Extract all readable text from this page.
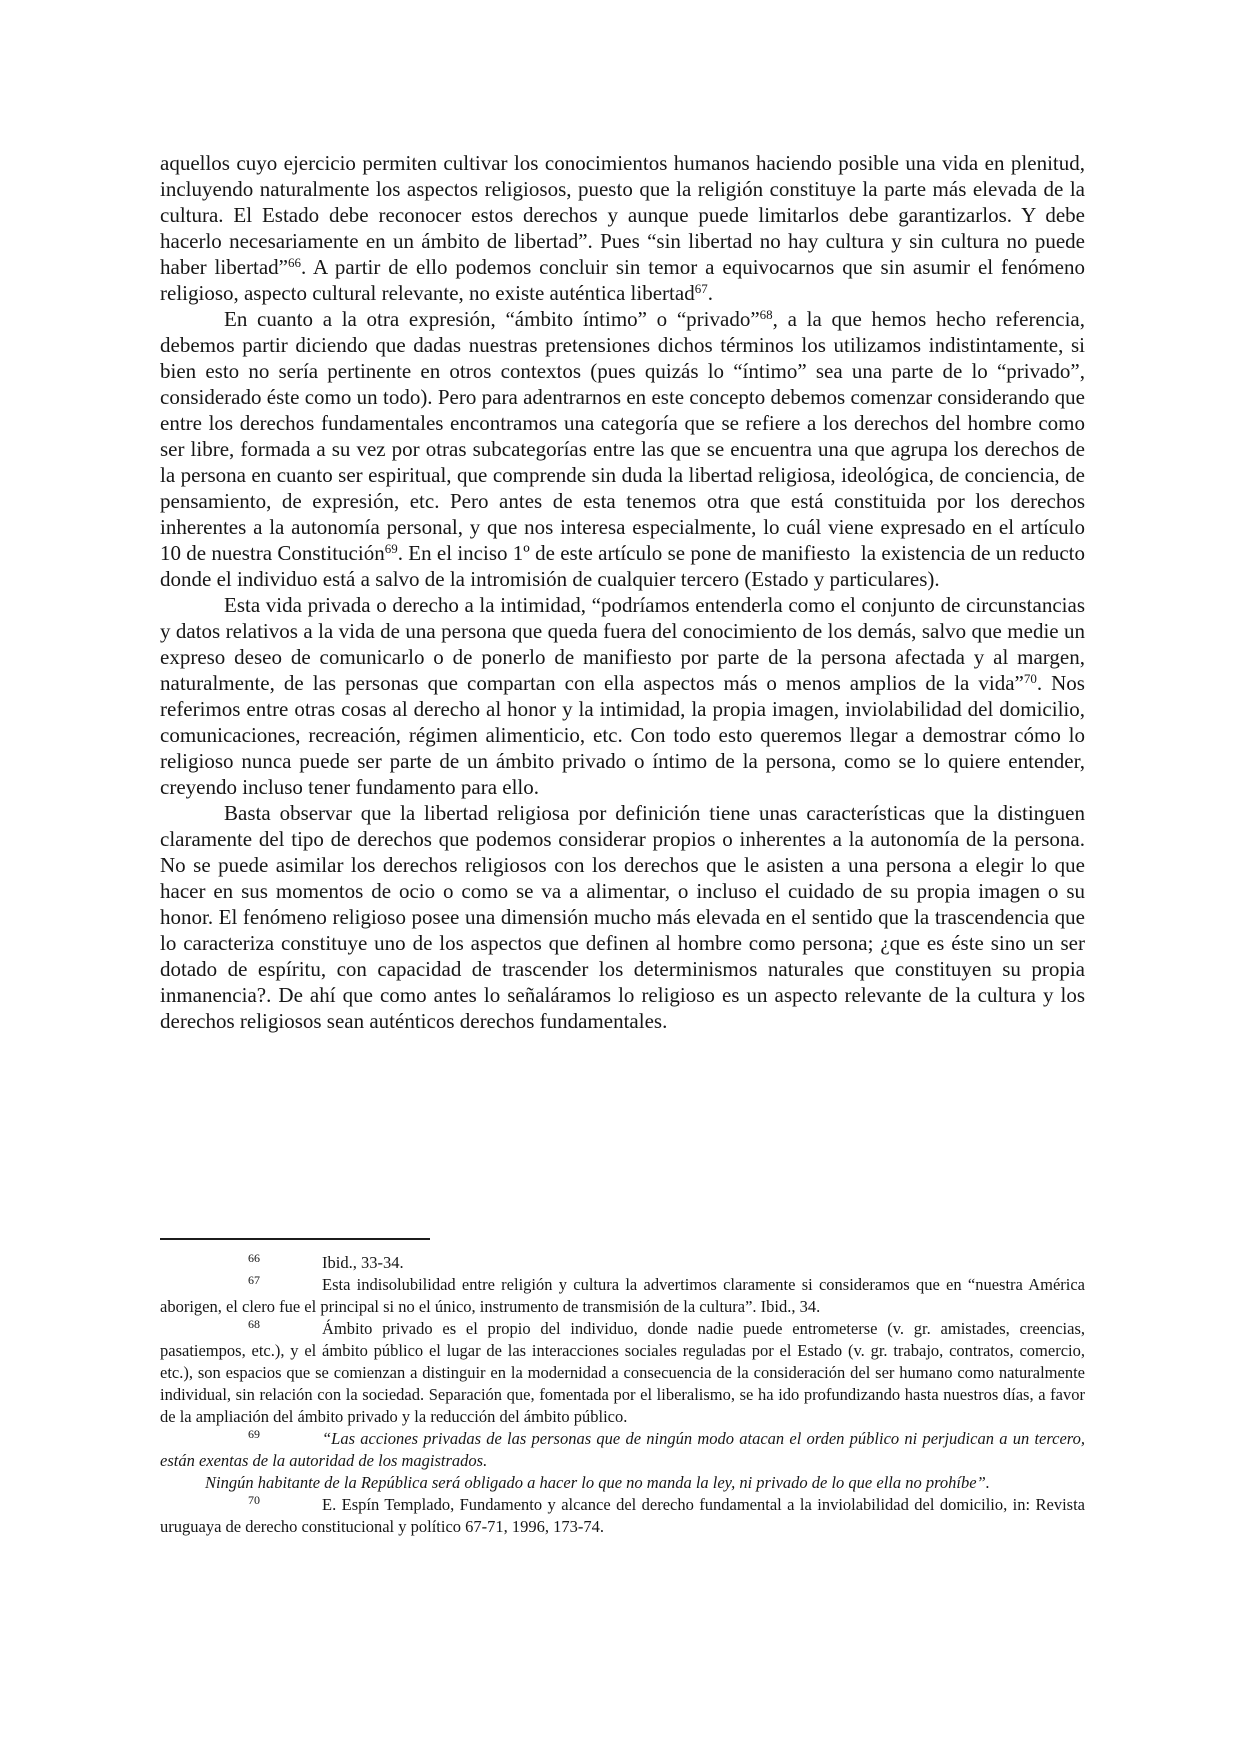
aquellos cuyo ejercicio permiten cultivar los conocimientos humanos haciendo posible una vida en plenitud, incluyendo naturalmente los aspectos religiosos, puesto que la religión constituye la parte más elevada de la cultura. El Estado debe reconocer estos derechos y aunque puede limitarlos debe garantizarlos. Y debe hacerlo necesariamente en un ámbito de libertad”. Pues “sin libertad no hay cultura y sin cultura no puede haber libertad”$^{66}$. A partir de ello podemos concluir sin temor a equivocarnos que sin asumir el fenómeno religioso, aspecto cultural relevante, no existe auténtica libertad$^{67}$.

En cuanto a la otra expresión, “ámbito íntimo” o “privado”$^{68}$, a la que hemos hecho referencia, debemos partir diciendo que dadas nuestras pretensiones dichos términos los utilizamos indistintamente, si bien esto no sería pertinente en otros contextos (pues quizás lo “íntimo” sea una parte de lo “privado”, considerado éste como un todo). Pero para adentrarnos en este concepto debemos comenzar considerando que entre los derechos fundamentales encontramos una categoría que se refiere a los derechos del hombre como ser libre, formada a su vez por otras subcategorías entre las que se encuentra una que agrupa los derechos de la persona en cuanto ser espiritual, que comprende sin duda la libertad religiosa, ideológica, de conciencia, de pensamiento, de expresión, etc. Pero antes de esta tenemos otra que está constituida por los derechos inherentes a la autonomía personal, y que nos interesa especialmente, lo cuál viene expresado en el artículo 10 de nuestra Constitución$^{69}$. En el inciso 1º de este artículo se pone de manifiesto  la existencia de un reducto donde el individuo está a salvo de la intromisión de cualquier tercero (Estado y particulares).

Esta vida privada o derecho a la intimidad, “podríamos entenderla como el conjunto de circunstancias y datos relativos a la vida de una persona que queda fuera del conocimiento de los demás, salvo que medie un expreso deseo de comunicarlo o de ponerlo de manifiesto por parte de la persona afectada y al margen, naturalmente, de las personas que compartan con ella aspectos más o menos amplios de la vida”$^{70}$. Nos referimos entre otras cosas al derecho al honor y la intimidad, la propia imagen, inviolabilidad del domicilio, comunicaciones, recreación, régimen alimenticio, etc. Con todo esto queremos llegar a demostrar cómo lo religioso nunca puede ser parte de un ámbito privado o íntimo de la persona, como se lo quiere entender, creyendo incluso tener fundamento para ello.

Basta observar que la libertad religiosa por definición tiene unas características que la distinguen claramente del tipo de derechos que podemos considerar propios o inherentes a la autonomía de la persona. No se puede asimilar los derechos religiosos con los derechos que le asisten a una persona a elegir lo que hacer en sus momentos de ocio o como se va a alimentar, o incluso el cuidado de su propia imagen o su honor. El fenómeno religioso posee una dimensión mucho más elevada en el sentido que la trascendencia que lo caracteriza constituye uno de los aspectos que definen al hombre como persona; ¿que es éste sino un ser dotado de espíritu, con capacidad de trascender los determinismos naturales que constituyen su propia inmanencia?. De ahí que como antes lo señaláramos lo religioso es un aspecto relevante de la cultura y los derechos religiosos sean auténticos derechos fundamentales.

$^{66}$	Ibid., 33-34.

$^{67}$	Esta indisolubilidad entre religión y cultura la advertimos claramente si consideramos que en “nuestra América aborigen, el clero fue el principal si no el único, instrumento de transmisión de la cultura”. Ibid., 34.

$^{68}$	Ámbito privado es el propio del individuo, donde nadie puede entrometerse (v. gr. amistades, creencias, pasatiempos, etc.), y el ámbito público el lugar de las interacciones sociales reguladas por el Estado (v. gr. trabajo, contratos, comercio, etc.), son espacios que se comienzan a distinguir en la modernidad a consecuencia de la consideración del ser humano como naturalmente individual, sin relación con la sociedad. Separación que, fomentada por el liberalismo, se ha ido profundizando hasta nuestros días, a favor de la ampliación del ámbito privado y la reducción del ámbito público.

$^{69}$	“Las acciones privadas de las personas que de ningún modo atacan el orden público ni perjudican a un tercero, están exentas de la autoridad de los magistrados.

Ningún habitante de la República será obligado a hacer lo que no manda la ley, ni privado de lo que ella no prohíbe”.

$^{70}$	E. Espín Templado, Fundamento y alcance del derecho fundamental a la inviolabilidad del domicilio, in: Revista uruguaya de derecho constitucional y político 67-71, 1996, 173-74.
